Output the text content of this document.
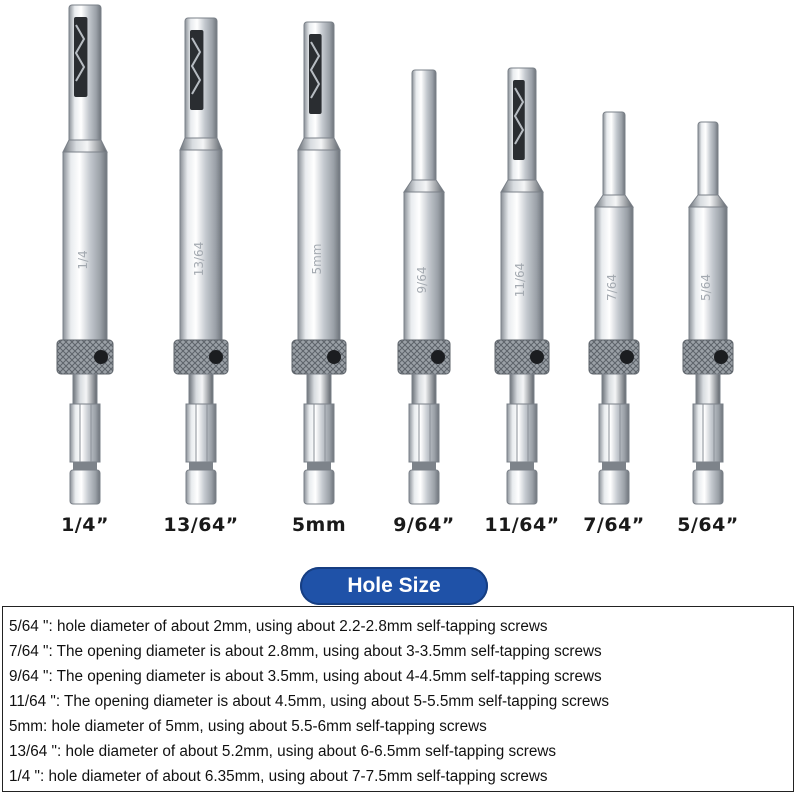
1/4	13/64	5mm
9/64	11/64	7/64	5/64
1/4”	13/64”	5mm 9/64” 11/64” 7/64” 5/64”
Hole Size
5/64 ": hole diameter of about 2mm, using about 2.2-2.8mm self-tapping screws
7/64 ": The opening diameter is about 2.8mm, using about 3-3.5mm self-tapping screws
9/64 ": The opening diameter is about 3.5mm, using about 4-4.5mm self-tapping screws
11/64 ": The opening diameter is about 4.5mm, using about 5-5.5mm self-tapping screws
5mm: hole diameter of 5mm, using about 5.5-6mm self-tapping screws
13/64 ": hole diameter of about 5.2mm, using about 6-6.5mm self-tapping screws
1/4 ": hole diameter of about 6.35mm, using about 7-7.5mm self-tapping screws
